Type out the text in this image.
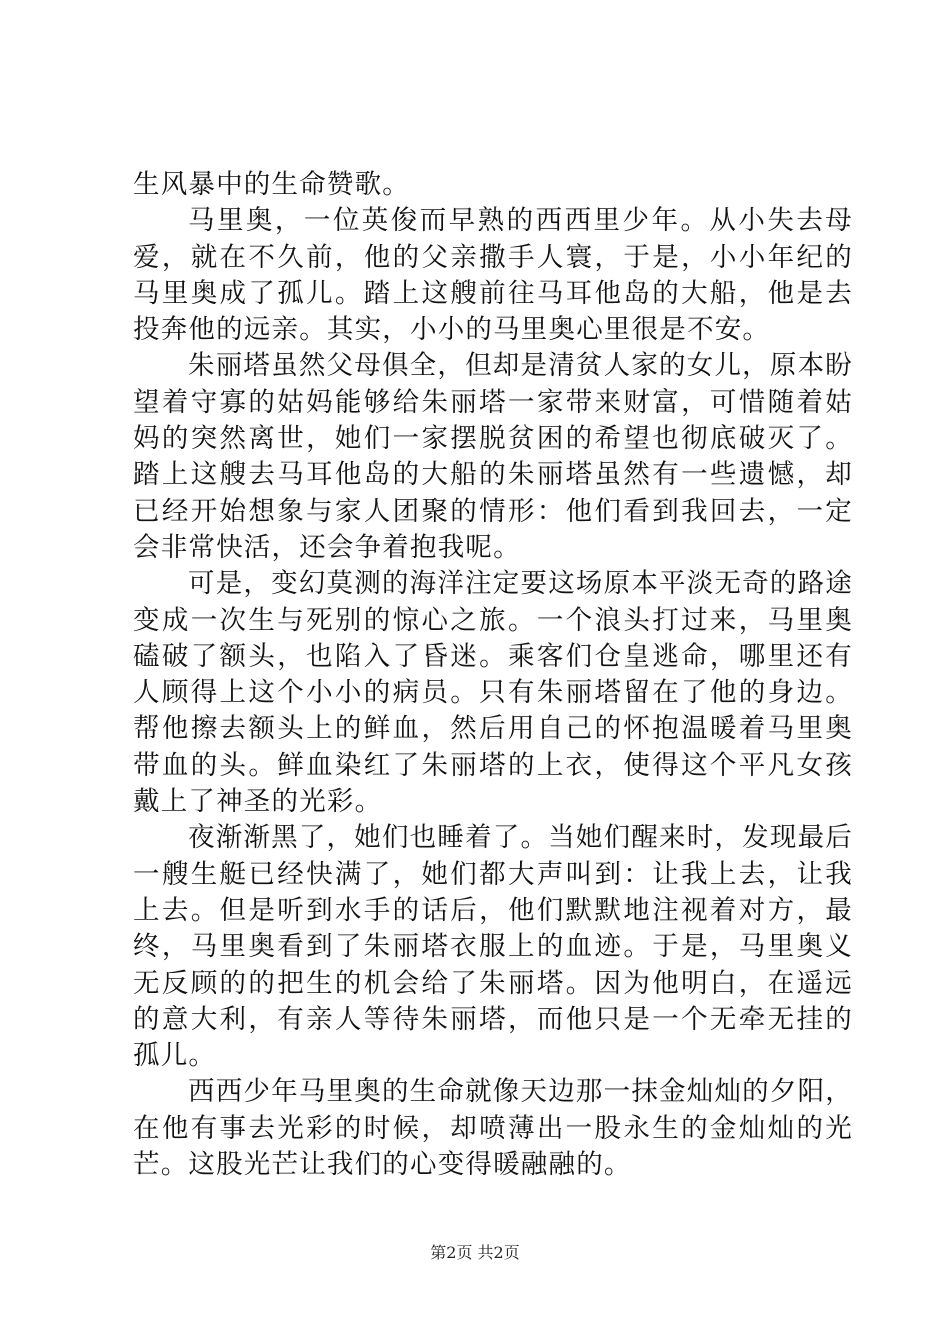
生风暴中的生命赞歌。

马里奥，一位英俊而早熟的西西里少年。从小失去母爱，就在不久前，他的父亲撒手人寰，于是，小小年纪的马里奥成了孤儿。踏上这艘前往马耳他岛的大船，他是去投奔他的远亲。其实，小小的马里奥心里很是不安。

朱丽塔虽然父母俱全，但却是清贫人家的女儿，原本盼望着守寡的姑妈能够给朱丽塔一家带来财富，可惜随着姑妈的突然离世，她们一家摆脱贫困的希望也彻底破灭了。踏上这艘去马耳他岛的大船的朱丽塔虽然有一些遗憾，却已经开始想象与家人团聚的情形：他们看到我回去，一定会非常快活，还会争着抱我呢。

可是，变幻莫测的海洋注定要这场原本平淡无奇的路途变成一次生与死别的惊心之旅。一个浪头打过来，马里奥磕破了额头，也陷入了昏迷。乘客们仓皇逃命，哪里还有人顾得上这个小小的病员。只有朱丽塔留在了他的身边。帮他擦去额头上的鲜血，然后用自己的怀抱温暖着马里奥带血的头。鲜血染红了朱丽塔的上衣，使得这个平凡女孩戴上了神圣的光彩。

夜渐渐黑了，她们也睡着了。当她们醒来时，发现最后一艘生艇已经快满了，她们都大声叫到：让我上去，让我上去。但是听到水手的话后，他们默默地注视着对方，最终，马里奥看到了朱丽塔衣服上的血迹。于是，马里奥义无反顾的的把生的机会给了朱丽塔。因为他明白，在遥远的意大利，有亲人等待朱丽塔，而他只是一个无牵无挂的孤儿。

西西少年马里奥的生命就像天边那一抹金灿灿的夕阳，在他有事去光彩的时候，却喷薄出一股永生的金灿灿的光芒。这股光芒让我们的心变得暖融融的。

第2页 共2页
